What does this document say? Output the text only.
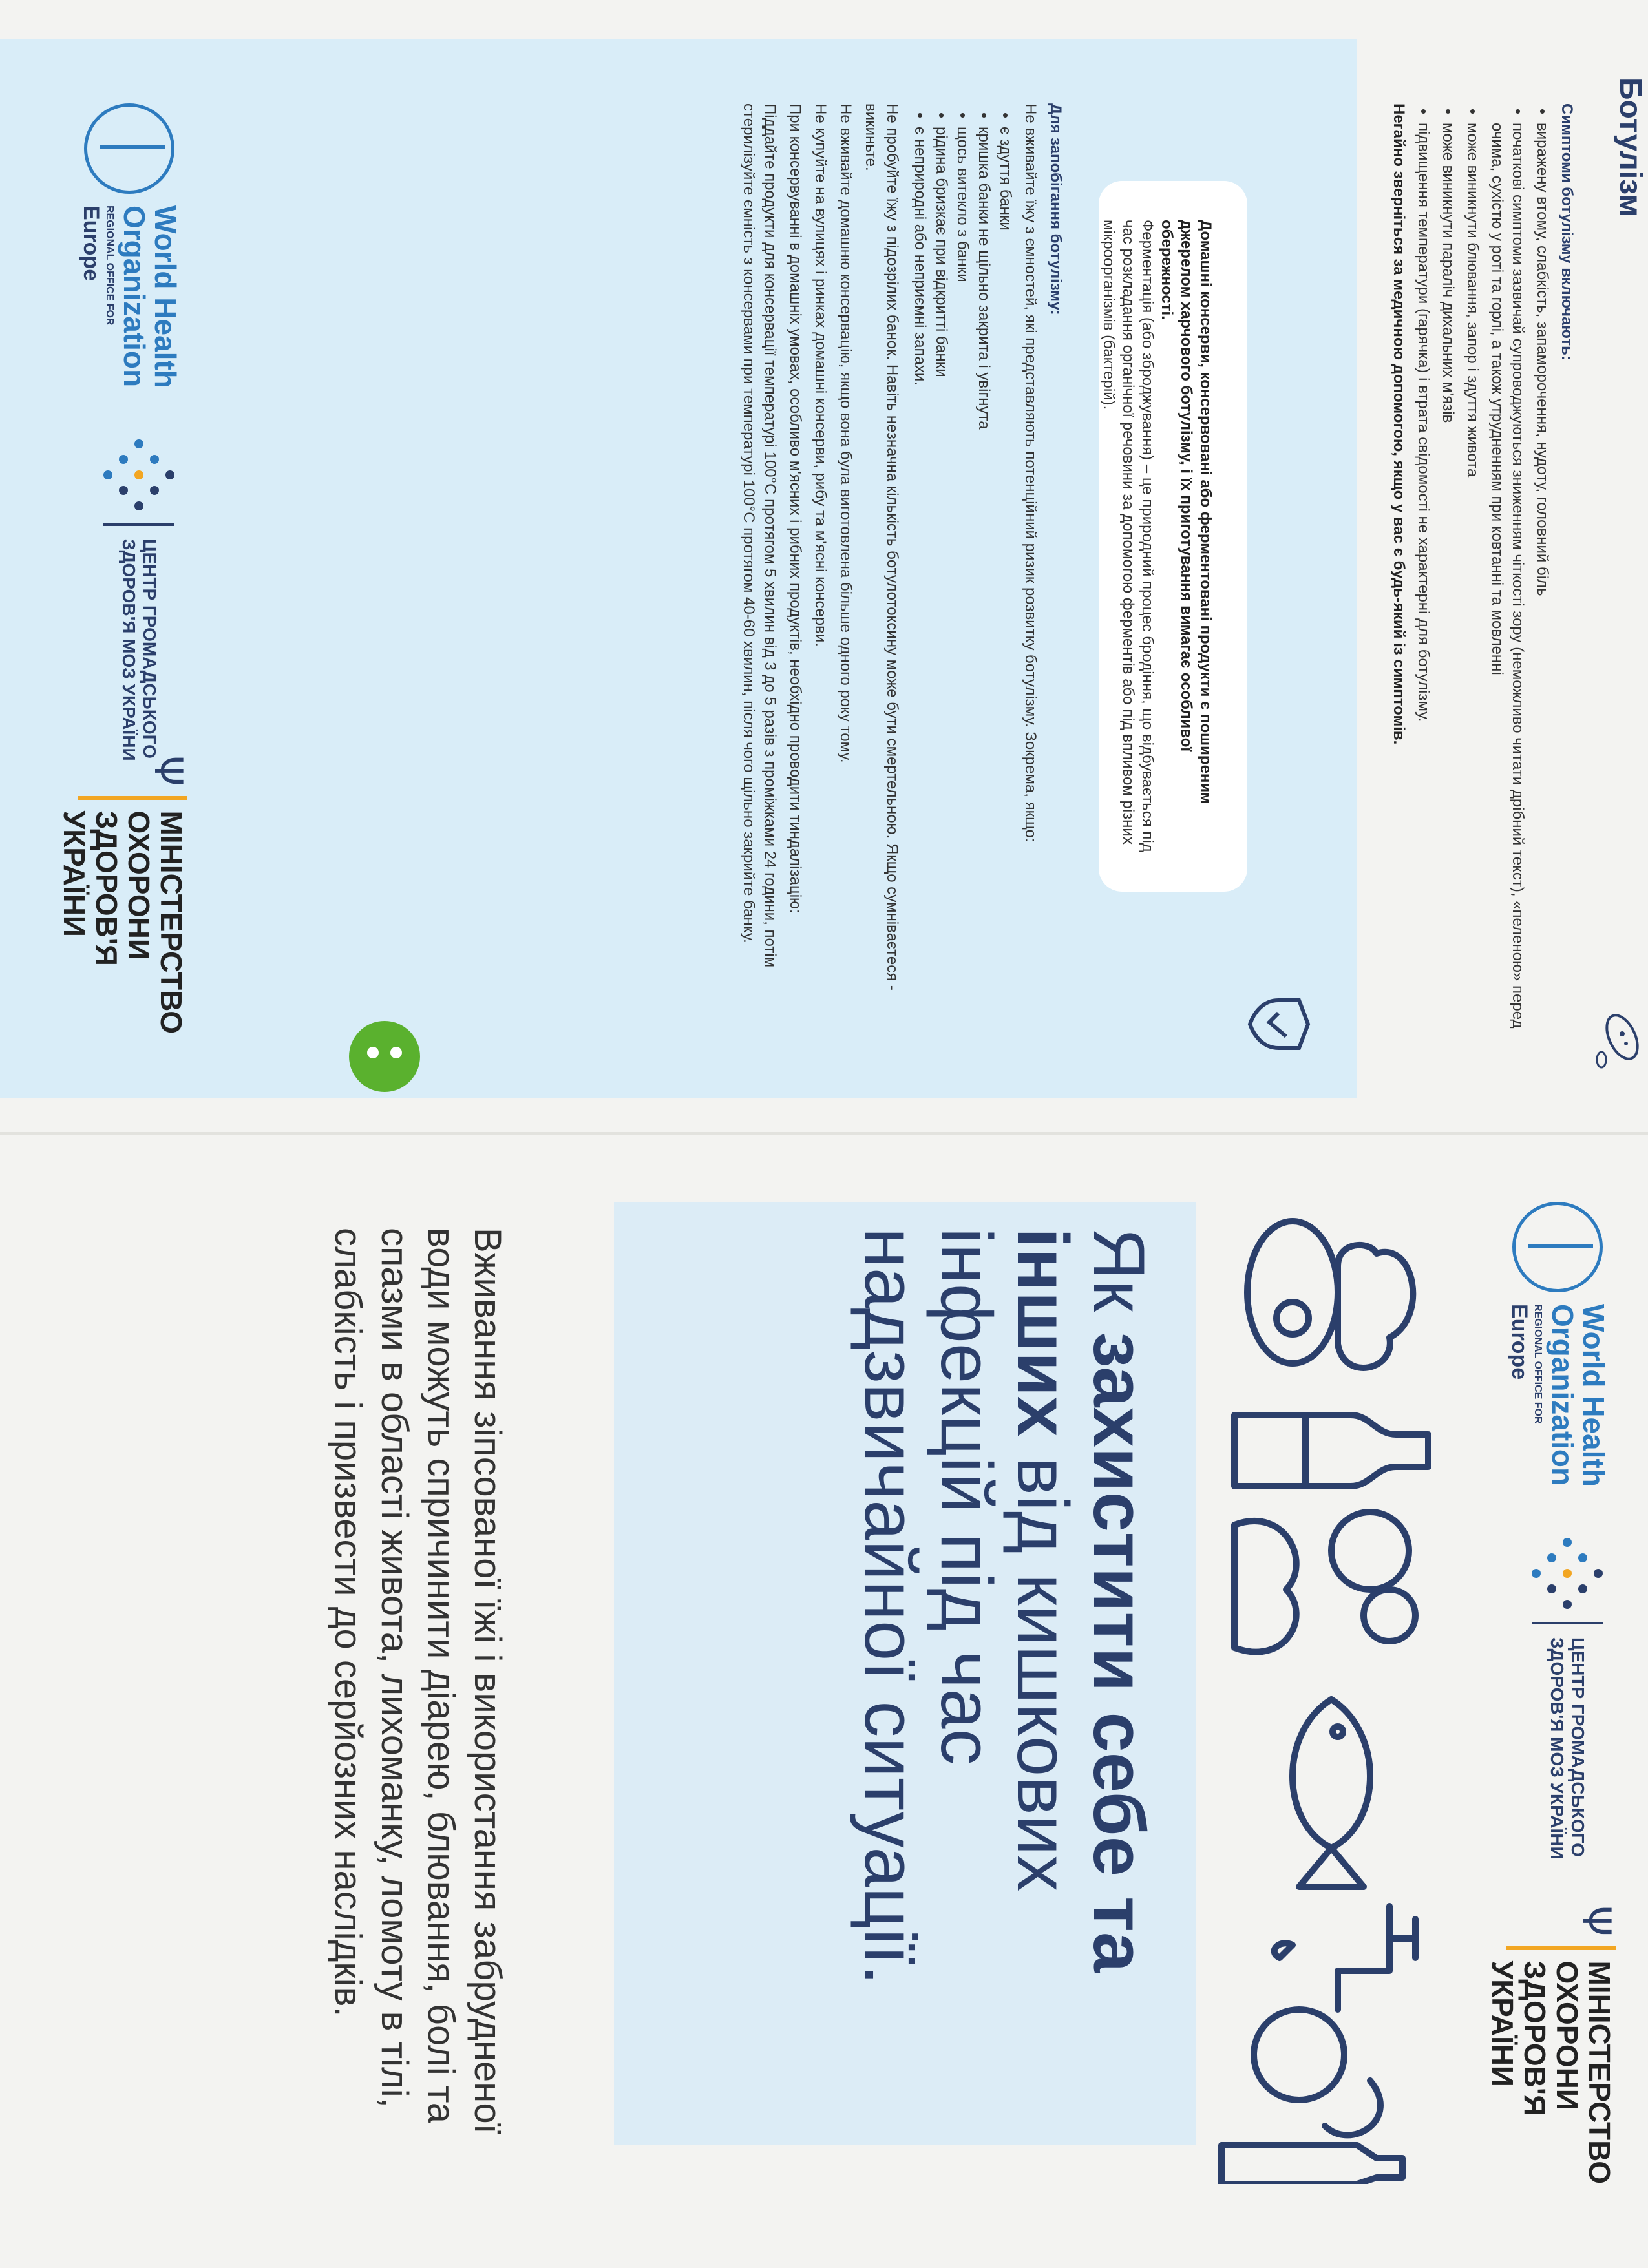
Ботулізм
Симптоми ботулізму включають:
• виражену втому, слабкість, запаморочення, нудоту, головний біль
• початкові симптоми зазвичай супроводжуються зниженням чіткості зору (неможливо читати дрібний текст), «пеленою» перед очима, сухістю у роті та горлі, а також утрудненням при ковтанні та мовленні
• може виникнути блювання, запор і здуття живота
• може виникнути параліч дихальних м'язів
• підвищення температури (гарячка) і втрата свідомості не характерні для ботулізму.
Негайно зверніться за медичною допомогою, якщо у вас є будь-який із симптомів.
Домашні консерви, консервовані або ферментовані продукти є поширеним джерелом харчового ботулізму, і їх приготування вимагає особливої обережності.
Ферментація (або зброджування) – це природний процес бродіння, що відбувається під час розкладання органічної речовини за допомогою ферментів або під впливом різних мікроорганізмів (бактерій).
Для запобігання ботулізму:

Не вживайте їжу з ємностей, які представляють потенційний ризик розвитку ботулізму. Зокрема, якщо:

• є здуття банки
• кришка банки не щільно закрита і увігнута
• щось витекло з банки
• рідина бризкає при відкритті банки
• є неприродні або неприємні запахи.

Не пробуйте їжу з підозрілих банок. Навіть незначна кількість ботулотоксину може бути смертельною. Якщо сумніваєтеся - викиньте.

Не вживайте домашню консервацію, якщо вона була виготовлена більше одного року тому.

Не купуйте на вулицях і ринках домашні консерви, рибу та м'ясні консерви.

При консервуванні в домашніх умовах, особливо м'ясних і рибних продуктів, необхідно проводити тиндалізацію:

Піддайте продукти для консервації температурі 100°С протягом 5 хвилин від 3 до 5 разів з проміжками 24 години, потім стерилізуйте ємність з консервами при температурі 100°С протягом 40-60 хвилин, після чого щільно закрийте банку.

World Health
Organization
REGIONAL OFFICE FOR
Europe
ЦЕНТР ГРОМАДСЬКОГО
ЗДОРОВ'Я МОЗ УКРАЇНИ
Ψ
МІНІСТЕРСТВО
ОХОРОНИ
ЗДОРОВ'Я
УКРАЇНИ
World Health
Organization
REGIONAL OFFICE FOR
Europe
ЦЕНТР ГРОМАДСЬКОГО
ЗДОРОВ'Я МОЗ УКРАЇНИ
Ψ
МІНІСТЕРСТВО
ОХОРОНИ
ЗДОРОВ'Я
УКРАЇНИ
Як захистити себе та
інших від кишкових
інфекцій під час
надзвичайної ситуації.
Вживання зіпсованої їжі і використання забрудненої води можуть спричинити діарею, блювання, болі та спазми в області живота, лихоманку, ломоту в тілі, слабкість і призвести до серйозних наслідків.
